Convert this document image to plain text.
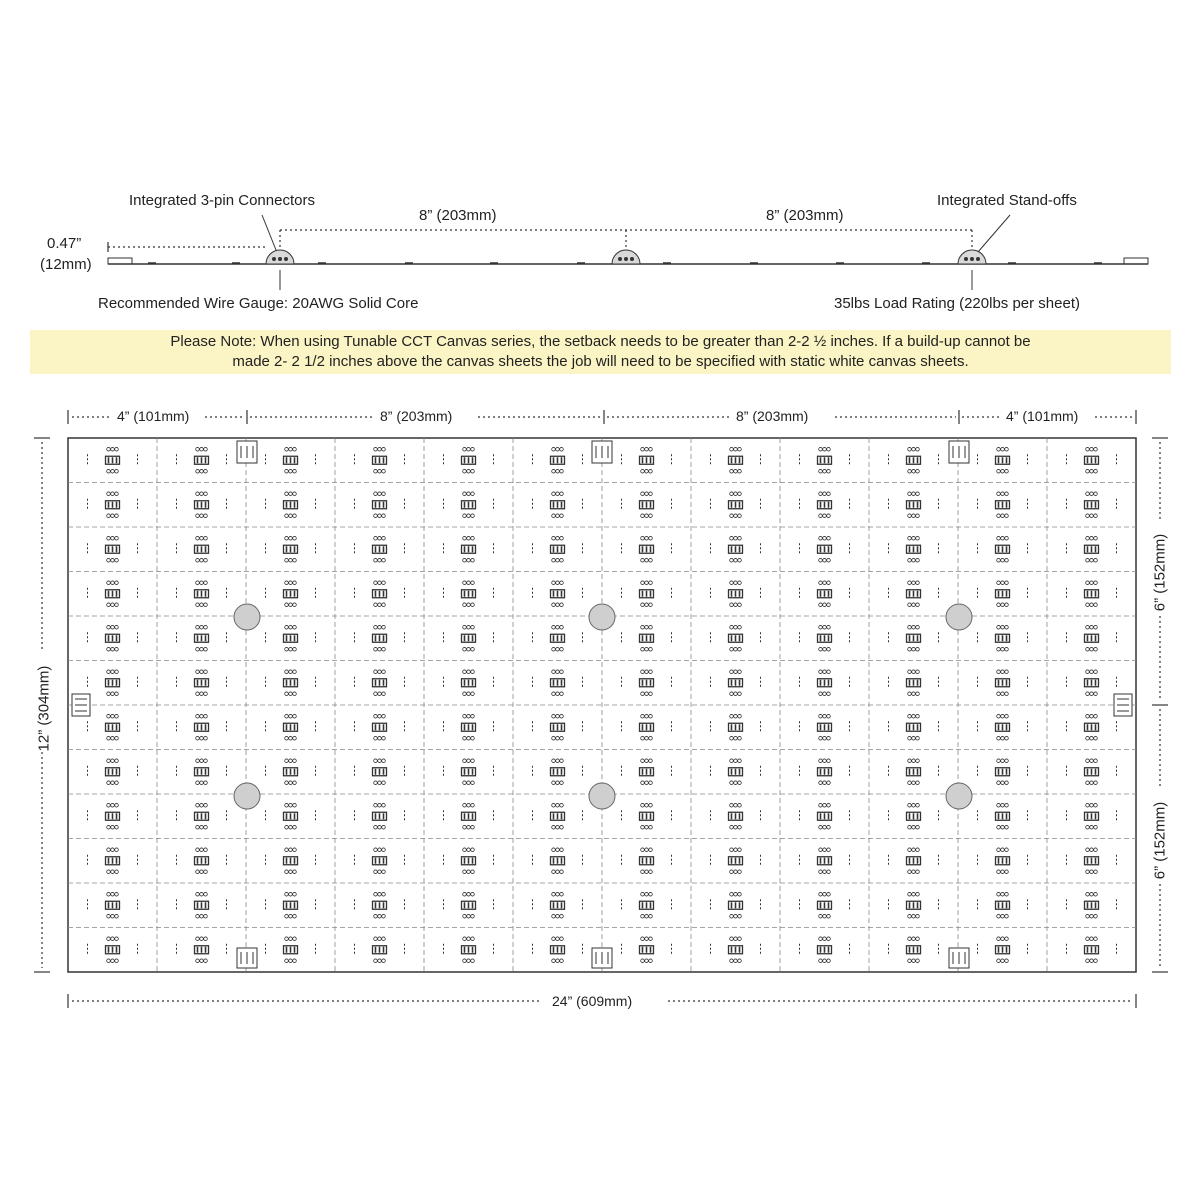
Integrated 3-pin Connectors	Integrated Stand-offs
8” (203mm)	8” (203mm)
0.47”
(12mm)
Recommended Wire Gauge: 20AWG Solid Core	35lbs Load Rating (220lbs per sheet)
Please Note: When using Tunable CCT Canvas series, the setback needs to be greater than 2-2 ½ inches. If a build-up cannot be
made 2- 2 1/2 inches above the canvas sheets the job will need to be specified with static white canvas sheets.
4” (101mm)	8” (203mm)	8” (203mm)	4” (101mm)
24” (609mm)
12” (304mm)
6” (152mm)
6” (152mm)
